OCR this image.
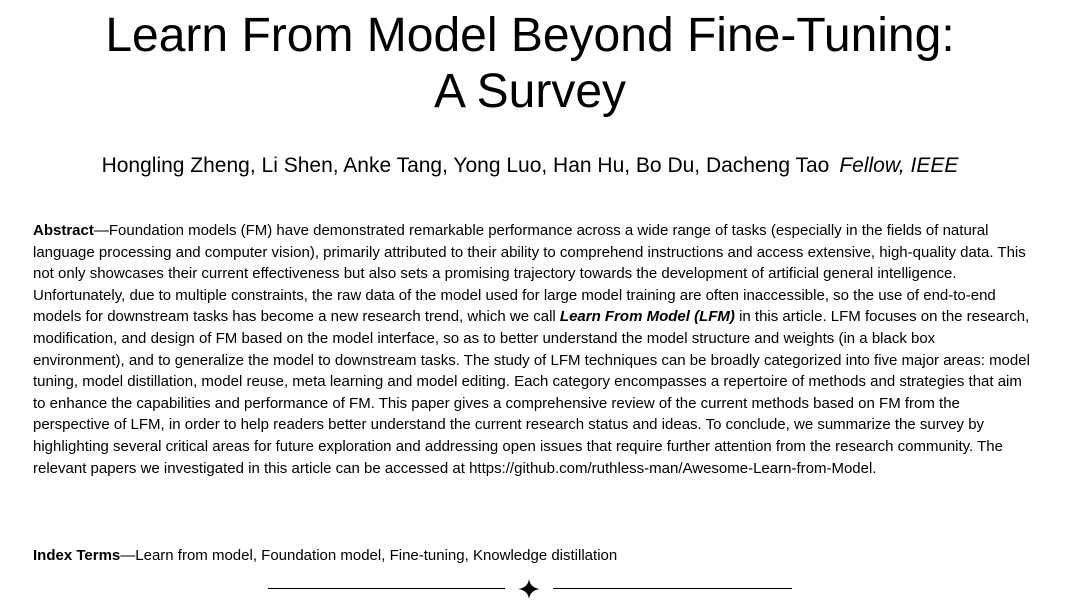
Learn From Model Beyond Fine-Tuning:
A Survey
Hongling Zheng, Li Shen, Anke Tang, Yong Luo, Han Hu, Bo Du, Dacheng Tao Fellow, IEEE
Abstract—Foundation models (FM) have demonstrated remarkable performance across a wide range of tasks (especially in the fields of natural language processing and computer vision), primarily attributed to their ability to comprehend instructions and access extensive, high-quality data. This not only showcases their current effectiveness but also sets a promising trajectory towards the development of artificial general intelligence. Unfortunately, due to multiple constraints, the raw data of the model used for large model training are often inaccessible, so the use of end-to-end models for downstream tasks has become a new research trend, which we call Learn From Model (LFM) in this article. LFM focuses on the research, modification, and design of FM based on the model interface, so as to better understand the model structure and weights (in a black box environment), and to generalize the model to downstream tasks. The study of LFM techniques can be broadly categorized into five major areas: model tuning, model distillation, model reuse, meta learning and model editing. Each category encompasses a repertoire of methods and strategies that aim to enhance the capabilities and performance of FM. This paper gives a comprehensive review of the current methods based on FM from the perspective of LFM, in order to help readers better understand the current research status and ideas. To conclude, we summarize the survey by highlighting several critical areas for future exploration and addressing open issues that require further attention from the research community. The relevant papers we investigated in this article can be accessed at https://github.com/ruthless-man/Awesome-Learn-from-Model.
Index Terms—Learn from model, Foundation model, Fine-tuning, Knowledge distillation
